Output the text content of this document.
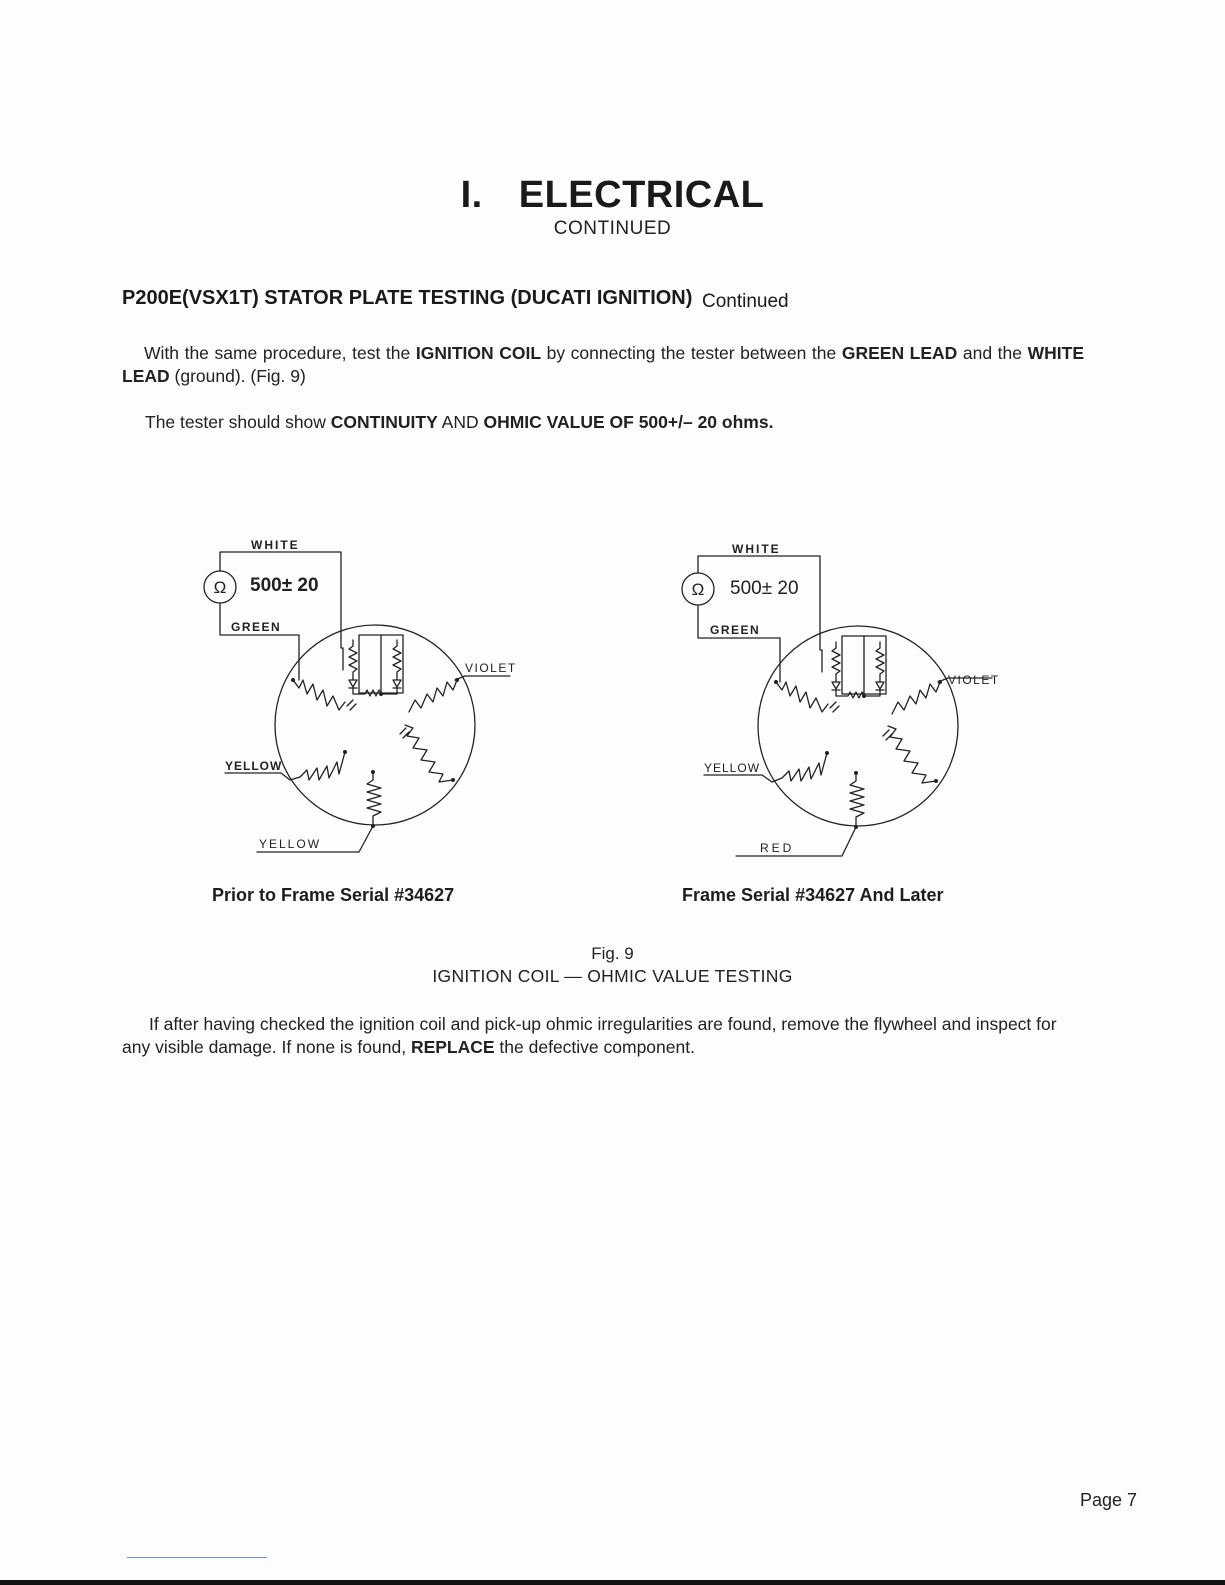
I. ELECTRICAL
CONTINUED
P200E(VSX1T) STATOR PLATE TESTING (DUCATI IGNITION) Continued
With the same procedure, test the IGNITION COIL by connecting the tester between the GREEN LEAD and the WHITE LEAD (ground). (Fig. 9)
The tester should show CONTINUITY AND OHMIC VALUE OF 500+/– 20 ohms.
Ω 500± 20
WHITE
GREEN
VIOLET
YELLOW
YELLOW
Ω 500± 20
WHITE
GREEN
VIOLET
YELLOW
RED
Prior to Frame Serial #34627	Frame Serial #34627 And Later
Fig. 9
IGNITION COIL — OHMIC VALUE TESTING
If after having checked the ignition coil and pick-up ohmic irregularities are found, remove the flywheel and inspect for any visible damage. If none is found, REPLACE the defective component.
Page 7
